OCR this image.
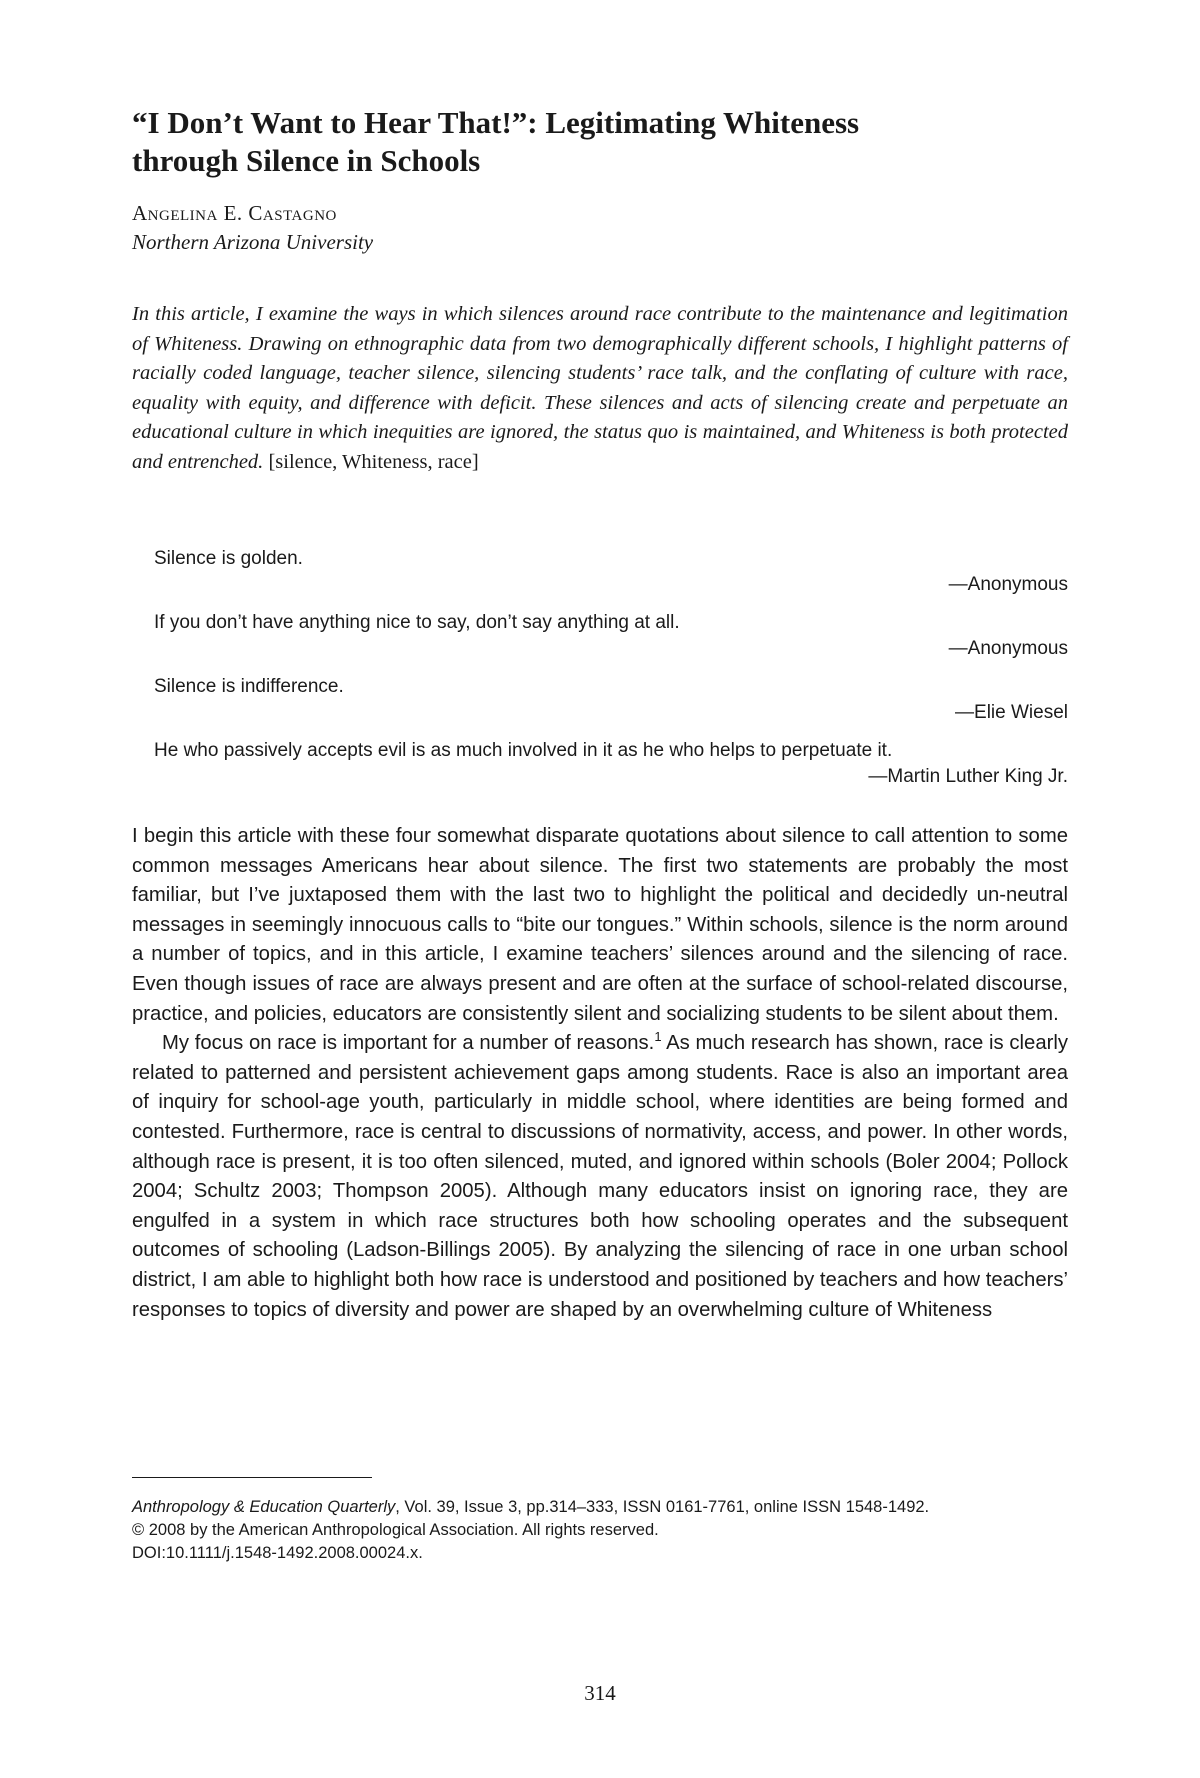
“I Don’t Want to Hear That!”: Legitimating Whiteness
through Silence in Schools
Angelina E. Castagno
Northern Arizona University

In this article, I examine the ways in which silences around race contribute to the maintenance and legitimation of Whiteness. Drawing on ethnographic data from two demographically different schools, I highlight patterns of racially coded language, teacher silence, silencing students’ race talk, and the conflating of culture with race, equality with equity, and difference with deficit. These silences and acts of silencing create and perpetuate an educational culture in which inequities are ignored, the status quo is maintained, and Whiteness is both protected and entrenched. [silence, Whiteness, race]

Silence is golden.
—Anonymous
If you don’t have anything nice to say, don’t say anything at all.
—Anonymous
Silence is indifference.
—Elie Wiesel
He who passively accepts evil is as much involved in it as he who helps to perpetuate it.
—Martin Luther King Jr.

I begin this article with these four somewhat disparate quotations about silence to call attention to some common messages Americans hear about silence. The first two statements are probably the most familiar, but I’ve juxtaposed them with the last two to highlight the political and decidedly un-neutral messages in seemingly innocuous calls to “bite our tongues.” Within schools, silence is the norm around a number of topics, and in this article, I examine teachers’ silences around and the silencing of race. Even though issues of race are always present and are often at the surface of school-related discourse, practice, and policies, educators are consistently silent and socializing students to be silent about them.

My focus on race is important for a number of reasons.$^1$ As much research has shown, race is clearly related to patterned and persistent achievement gaps among students. Race is also an important area of inquiry for school-age youth, particularly in middle school, where identities are being formed and contested. Furthermore, race is central to discussions of normativity, access, and power. In other words, although race is present, it is too often silenced, muted, and ignored within schools (Boler 2004; Pollock 2004; Schultz 2003; Thompson 2005). Although many educators insist on ignoring race, they are engulfed in a system in which race structures both how schooling operates and the subsequent outcomes of schooling (Ladson-Billings 2005). By analyzing the silencing of race in one urban school district, I am able to highlight both how race is understood and positioned by teachers and how teachers’ responses to topics of diversity and power are shaped by an overwhelming culture of Whiteness

Anthropology & Education Quarterly, Vol. 39, Issue 3, pp.314–333, ISSN 0161-7761, online ISSN 1548-1492.
© 2008 by the American Anthropological Association. All rights reserved.
DOI:10.1111/j.1548-1492.2008.00024.x.
314
